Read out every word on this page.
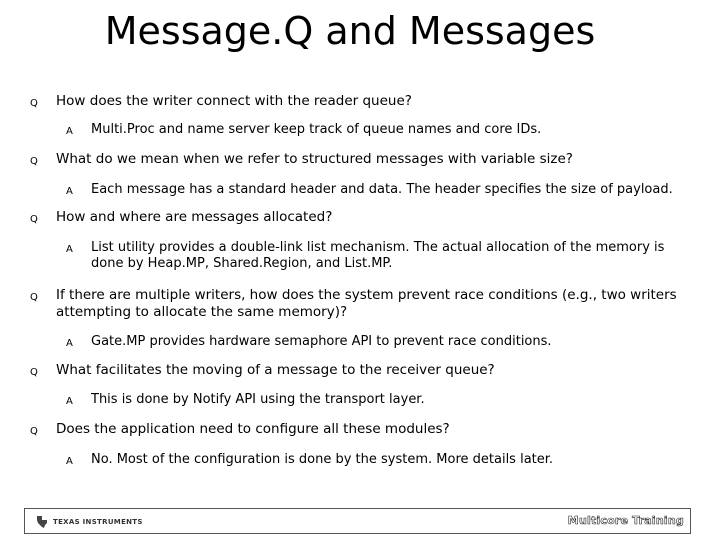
Message.Q and Messages
Q How does the writer connect with the reader queue?
A Multi.Proc and name server keep track of queue names and core IDs.
Q What do we mean when we refer to structured messages with variable size?
A Each message has a standard header and data. The header specifies the size of payload.
Q How and where are messages allocated?
A List utility provides a double-link list mechanism. The actual allocation of the memory is done by Heap.MP, Shared.Region, and List.MP.
Q If there are multiple writers, how does the system prevent race conditions (e.g., two writers attempting to allocate the same memory)?
A Gate.MP provides hardware semaphore API to prevent race conditions.
Q What facilitates the moving of a message to the receiver queue?
A This is done by Notify API using the transport layer.
Q Does the application need to configure all these modules?
A No. Most of the configuration is done by the system. More details later.
TEXAS INSTRUMENTS	Multicore Training
